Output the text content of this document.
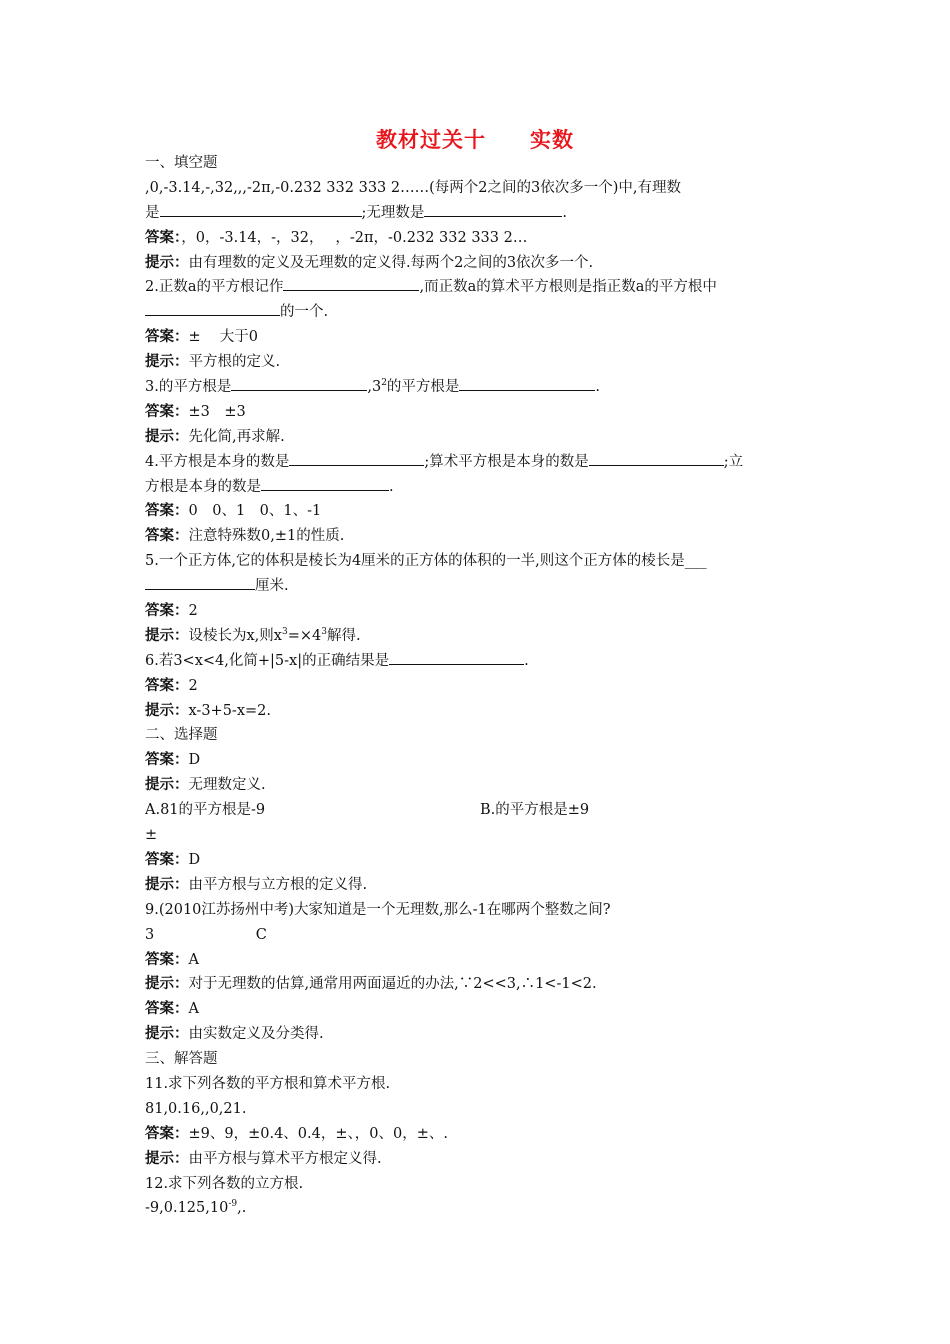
教材过关十　　实数
一、填空题
,0,-3.14,-,32,,,-2π,-0.232 332 333 2……(每两个2之间的3依次多一个)中,有理数
是	;无理数是	.
答案：，0，-3.14，-，32，　 ，-2π，-0.232 332 333 2…
提示：由有理数的定义及无理数的定义得.每两个2之间的3依次多一个.
2.正数a的平方根记作	,而正数a的算术平方根则是指正数a的平方根中
的一个.
答案：±　 大于0
提示：平方根的定义.
3.的平方根是	$,3^2$的平方根是	.
答案：±3　±3
提示：先化简,再求解.
4.平方根是本身的数是	;算术平方根是本身的数是	;立
方根是本身的数是	.
答案：0　0、1　0、1、-1
答案：注意特殊数0,±1的性质.
5.一个正方体,它的体积是棱长为4厘米的正方体的体积的一半,则这个正方体的棱长是___
厘米.
答案：2
提示：设棱长为x,则$x^3=\times 4^3$解得.
6.若3<x<4,化简+|5-x|的正确结果是	.
答案：2
提示：x-3+5-x=2.
二、选择题
答案：D
提示：无理数定义.
A.81的平方根是-9	B.的平方根是±9
±
答案：D
提示：由平方根与立方根的定义得.
9.(2010江苏扬州中考)大家知道是一个无理数,那么-1在哪两个整数之间?
3　　　　　　　C
答案：A
提示：对于无理数的估算,通常用两面逼近的办法,∵2<<3,∴1<-1<2.
答案：A
提示：由实数定义及分类得.
三、解答题
11.求下列各数的平方根和算术平方根.
81,0.16,,0,21.
答案：±9、9，±0.4、0.4，±、，0、0，±、.
提示：由平方根与算术平方根定义得.
12.求下列各数的立方根.
$-9,0.125,10^{-9}$,.
